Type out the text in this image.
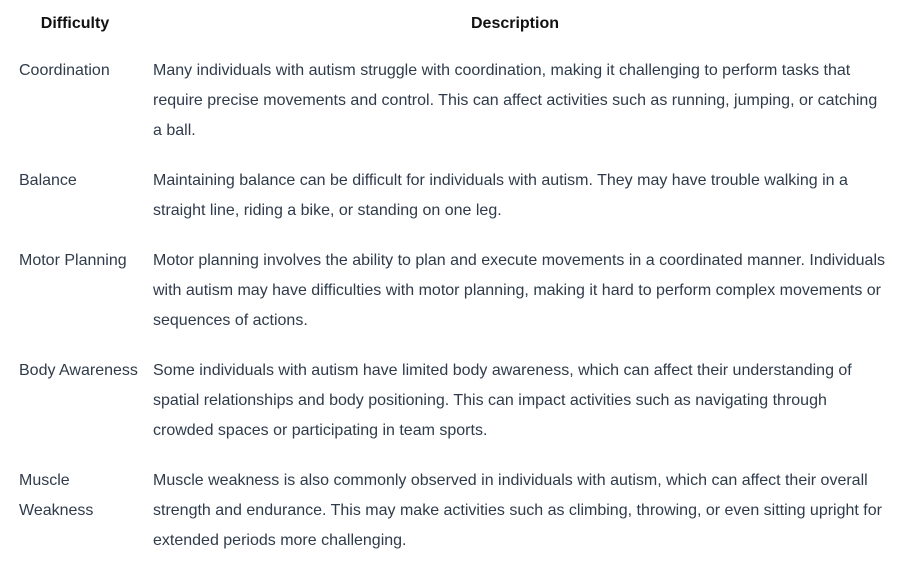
Difficulty	Description
Coordination	Many individuals with autism struggle with coordination, making it challenging to perform tasks that require precise movements and control. This can affect activities such as running, jumping, or catching a ball.
Balance	Maintaining balance can be difficult for individuals with autism. They may have trouble walking in a straight line, riding a bike, or standing on one leg.
Motor Planning	Motor planning involves the ability to plan and execute movements in a coordinated manner. Individuals with autism may have difficulties with motor planning, making it hard to perform complex movements or sequences of actions.
Body Awareness	Some individuals with autism have limited body awareness, which can affect their understanding of spatial relationships and body positioning. This can impact activities such as navigating through crowded spaces or participating in team sports.
Muscle Weakness	Muscle weakness is also commonly observed in individuals with autism, which can affect their overall strength and endurance. This may make activities such as climbing, throwing, or even sitting upright for extended periods more challenging.
